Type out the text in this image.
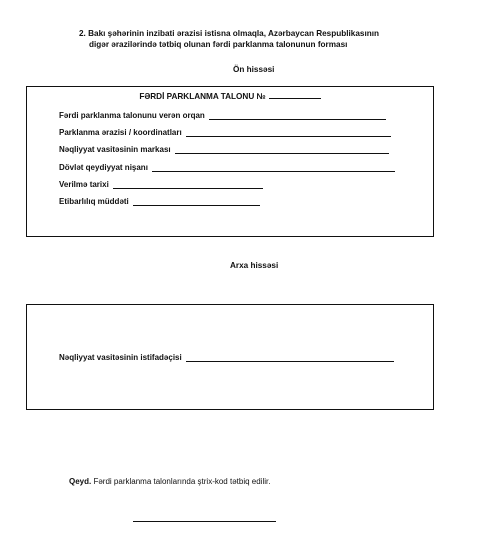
2. Bakı şəhərinin inzibati ərazisi istisna olmaqla, Azərbaycan Respublikasının
digər ərazilərində tətbiq olunan fərdi parklanma talonunun forması
Ön hissəsi
FƏRDİ PARKLANMA TALONU №
Fərdi parklanma talonunu verən orqan
Parklanma ərazisi / koordinatları
Nəqliyyat vasitəsinin markası
Dövlət qeydiyyat nişanı
Verilmə tarixi
Etibarlılıq müddəti
Arxa hissəsi
Nəqliyyat vasitəsinin istifadəçisi
Qeyd. Fərdi parklanma talonlarında ştrix-kod tətbiq edilir.
